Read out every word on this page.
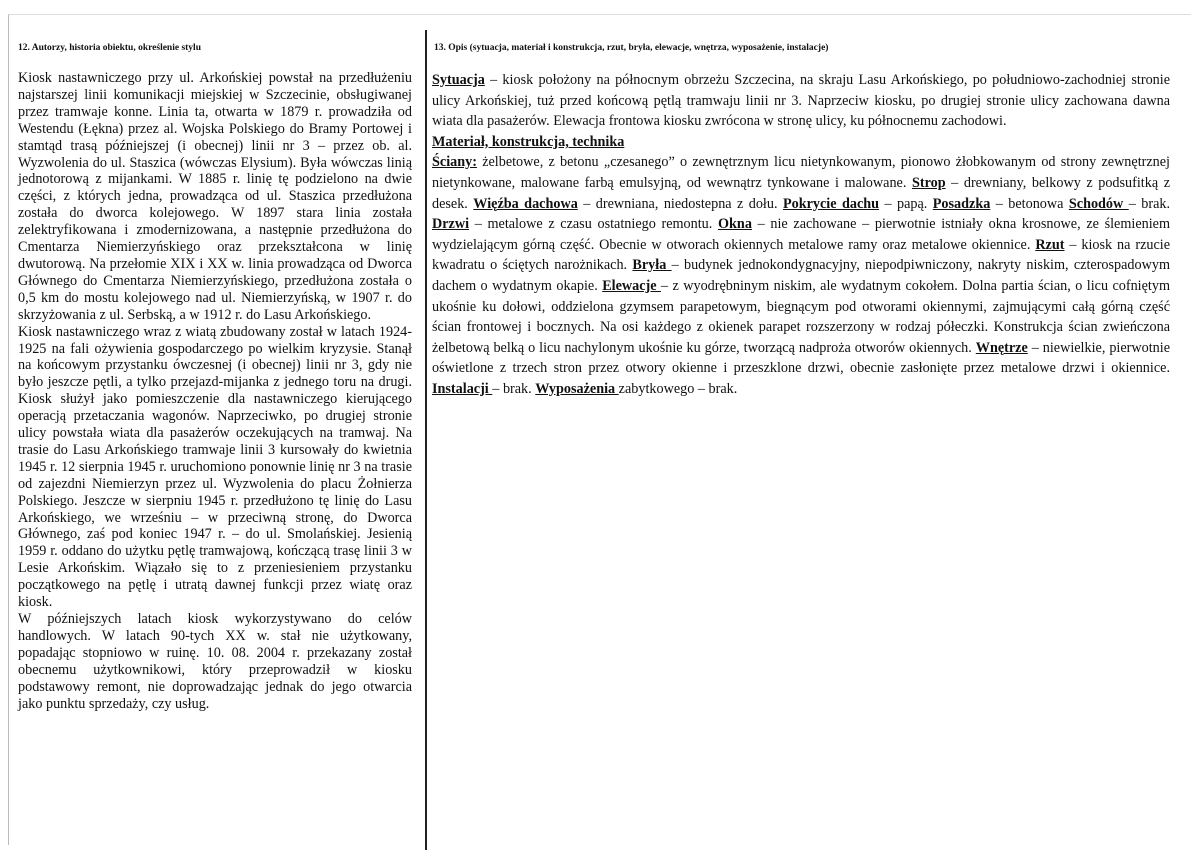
12. Autorzy, historia obiektu, określenie stylu

Kiosk nastawniczego przy ul. Arkońskiej powstał na przedłużeniu najstarszej linii komunikacji miejskiej w Szczecinie, obsługiwanej przez tramwaje konne. Linia ta, otwarta w 1879 r. prowadziła od Westendu (Łękna) przez al. Wojska Polskiego do Bramy Portowej i stamtąd trasą późniejszej (i obecnej) linii nr 3 – przez ob. al. Wyzwolenia do ul. Staszica (wówczas Elysium). Była wówczas linią jednotorową z mijankami. W 1885 r. linię tę podzielono na dwie części, z których jedna, prowadząca od ul. Staszica przedłużona została do dworca kolejowego. W 1897 stara linia została zelektryfikowana i zmodernizowana, a następnie przedłużona do Cmentarza Niemierzyńskiego oraz przekształcona w linię dwutorową. Na przełomie XIX i XX w. linia prowadząca od Dworca Głównego do Cmentarza Niemierzyńskiego, przedłużona została o 0,5 km do mostu kolejowego nad ul. Niemierzyńską, w 1907 r. do skrzyżowania z ul. Serbską, a w 1912 r. do Lasu Arkońskiego.

Kiosk nastawniczego wraz z wiatą zbudowany został w latach 1924-1925 na fali ożywienia gospodarczego po wielkim kryzysie. Stanął na końcowym przystanku ówczesnej (i obecnej) linii nr 3, gdy nie było jeszcze pętli, a tylko przejazd-mijanka z jednego toru na drugi. Kiosk służył jako pomieszczenie dla nastawniczego kierującego operacją przetaczania wagonów. Naprzeciwko, po drugiej stronie ulicy powstała wiata dla pasażerów oczekujących na tramwaj. Na trasie do Lasu Arkońskiego tramwaje linii 3 kursowały do kwietnia 1945 r. 12 sierpnia 1945 r. uruchomiono ponownie linię nr 3 na trasie od zajezdni Niemierzyn przez ul. Wyzwolenia do placu Żołnierza Polskiego. Jeszcze w sierpniu 1945 r. przedłużono tę linię do Lasu Arkońskiego, we wrześniu – w przeciwną stronę, do Dworca Głównego, zaś pod koniec 1947 r. – do ul. Smolańskiej. Jesienią 1959 r. oddano do użytku pętlę tramwajową, kończącą trasę linii 3 w Lesie Arkońskim. Wiązało się to z przeniesieniem przystanku początkowego na pętlę i utratą dawnej funkcji przez wiatę oraz kiosk.

W późniejszych latach kiosk wykorzystywano do celów handlowych. W latach 90-tych XX w. stał nie użytkowany, popadając stopniowo w ruinę. 10. 08. 2004 r. przekazany został obecnemu użytkownikowi, który przeprowadził w kiosku podstawowy remont, nie doprowadzając jednak do jego otwarcia jako punktu sprzedaży, czy usług.

13. Opis (sytuacja, materiał i konstrukcja, rzut, bryła, elewacje, wnętrza, wyposażenie, instalacje)

Sytuacja – kiosk położony na północnym obrzeżu Szczecina, na skraju Lasu Arkońskiego, po południowo-zachodniej stronie ulicy Arkońskiej, tuż przed końcową pętlą tramwaju linii nr 3. Naprzeciw kiosku, po drugiej stronie ulicy zachowana dawna wiata dla pasażerów. Elewacja frontowa kiosku zwrócona w stronę ulicy, ku północnemu zachodowi.

Materiał, konstrukcja, technika

Ściany: żelbetowe, z betonu „czesanego” o zewnętrznym licu nietynkowanym, pionowo żłobkowanym od strony zewnętrznej nietynkowane, malowane farbą emulsyjną, od wewnątrz tynkowane i malowane. Strop – drewniany, belkowy z podsufitką z desek. Więźba dachowa – drewniana, niedostepna z dołu. Pokrycie dachu – papą. Posadzka – betonowa Schodów – brak. Drzwi – metalowe z czasu ostatniego remontu. Okna – nie zachowane – pierwotnie istniały okna krosnowe, ze ślemieniem wydzielającym górną część. Obecnie w otworach okiennych metalowe ramy oraz metalowe okiennice. Rzut – kiosk na rzucie kwadratu o ściętych narożnikach. Bryła – budynek jednokondygnacyjny, niepodpiwniczony, nakryty niskim, czterospadowym dachem o wydatnym okapie. Elewacje – z wyodrębninym niskim, ale wydatnym cokołem. Dolna partia ścian, o licu cofniętym ukośnie ku dołowi, oddzielona gzymsem parapetowym, biegnącym pod otworami okiennymi, zajmującymi całą górną część ścian frontowej i bocznych. Na osi każdego z okienek parapet rozszerzony w rodzaj półeczki. Konstrukcja ścian zwieńczona żelbetową belką o licu nachylonym ukośnie ku górze, tworzącą nadproża otworów okiennych. Wnętrze – niewielkie, pierwotnie oświetlone z trzech stron przez otwory okienne i przeszklone drzwi, obecnie zasłonięte przez metalowe drzwi i okiennice. Instalacji – brak. Wyposażenia zabytkowego – brak.
